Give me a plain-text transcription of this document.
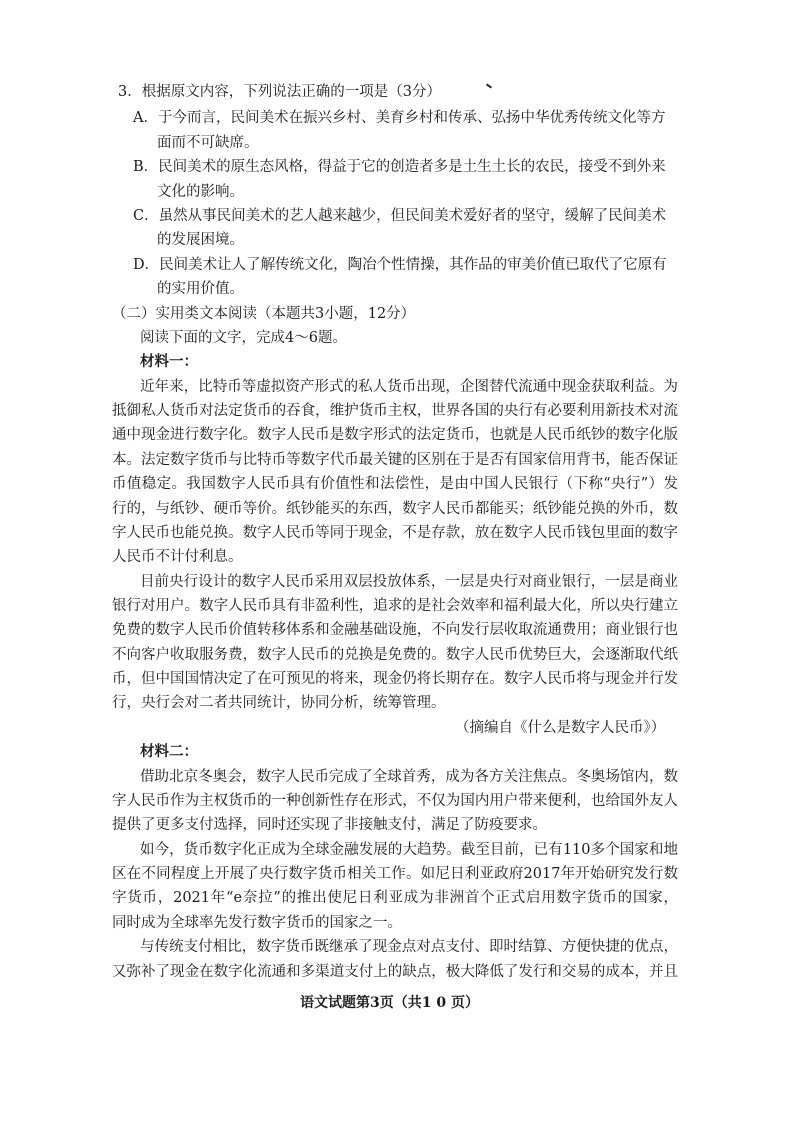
3．根据原文内容，下列说法正确的一项是（3分）

A．于今而言，民间美术在振兴乡村、美育乡村和传承、弘扬中华优秀传统文化等方

面而不可缺席。

B．民间美术的原生态风格，得益于它的创造者多是土生土长的农民，接受不到外来

文化的影响。

C．虽然从事民间美术的艺人越来越少，但民间美术爱好者的坚守，缓解了民间美术

的发展困境。

D．民间美术让人了解传统文化，陶冶个性情操，其作品的审美价值已取代了它原有

的实用价值。

（二）实用类文本阅读（本题共3小题，12分）

阅读下面的文字，完成4～6题。

材料一：

近年来，比特币等虚拟资产形式的私人货币出现，企图替代流通中现金获取利益。为

抵御私人货币对法定货币的吞食，维护货币主权，世界各国的央行有必要利用新技术对流

通中现金进行数字化。数字人民币是数字形式的法定货币，也就是人民币纸钞的数字化版

本。法定数字货币与比特币等数字代币最关键的区别在于是否有国家信用背书，能否保证

币值稳定。我国数字人民币具有价值性和法偿性，是由中国人民银行（下称“央行”）发

行的，与纸钞、硬币等价。纸钞能买的东西，数字人民币都能买；纸钞能兑换的外币，数

字人民币也能兑换。数字人民币等同于现金，不是存款，放在数字人民币钱包里面的数字

人民币不计付利息。

目前央行设计的数字人民币采用双层投放体系，一层是央行对商业银行，一层是商业

银行对用户。数字人民币具有非盈利性，追求的是社会效率和福利最大化，所以央行建立

免费的数字人民币价值转移体系和金融基础设施，不向发行层收取流通费用；商业银行也

不向客户收取服务费，数字人民币的兑换是免费的。数字人民币优势巨大，会逐渐取代纸

币，但中国国情决定了在可预见的将来，现金仍将长期存在。数字人民币将与现金并行发

行，央行会对二者共同统计，协同分析，统筹管理。

（摘编自《什么是数字人民币》）

材料二：

借助北京冬奥会，数字人民币完成了全球首秀，成为各方关注焦点。冬奥场馆内，数

字人民币作为主权货币的一种创新性存在形式，不仅为国内用户带来便利，也给国外友人

提供了更多支付选择，同时还实现了非接触支付，满足了防疫要求。

如今，货币数字化正成为全球金融发展的大趋势。截至目前，已有110多个国家和地

区在不同程度上开展了央行数字货币相关工作。如尼日利亚政府2017年开始研究发行数

字货币，2021年“e奈拉”的推出使尼日利亚成为非洲首个正式启用数字货币的国家，

同时成为全球率先发行数字货币的国家之一。

与传统支付相比，数字货币既继承了现金点对点支付、即时结算、方便快捷的优点，

又弥补了现金在数字化流通和多渠道支付上的缺点，极大降低了发行和交易的成本，并且

语文试题第3页（共1 0 页）
